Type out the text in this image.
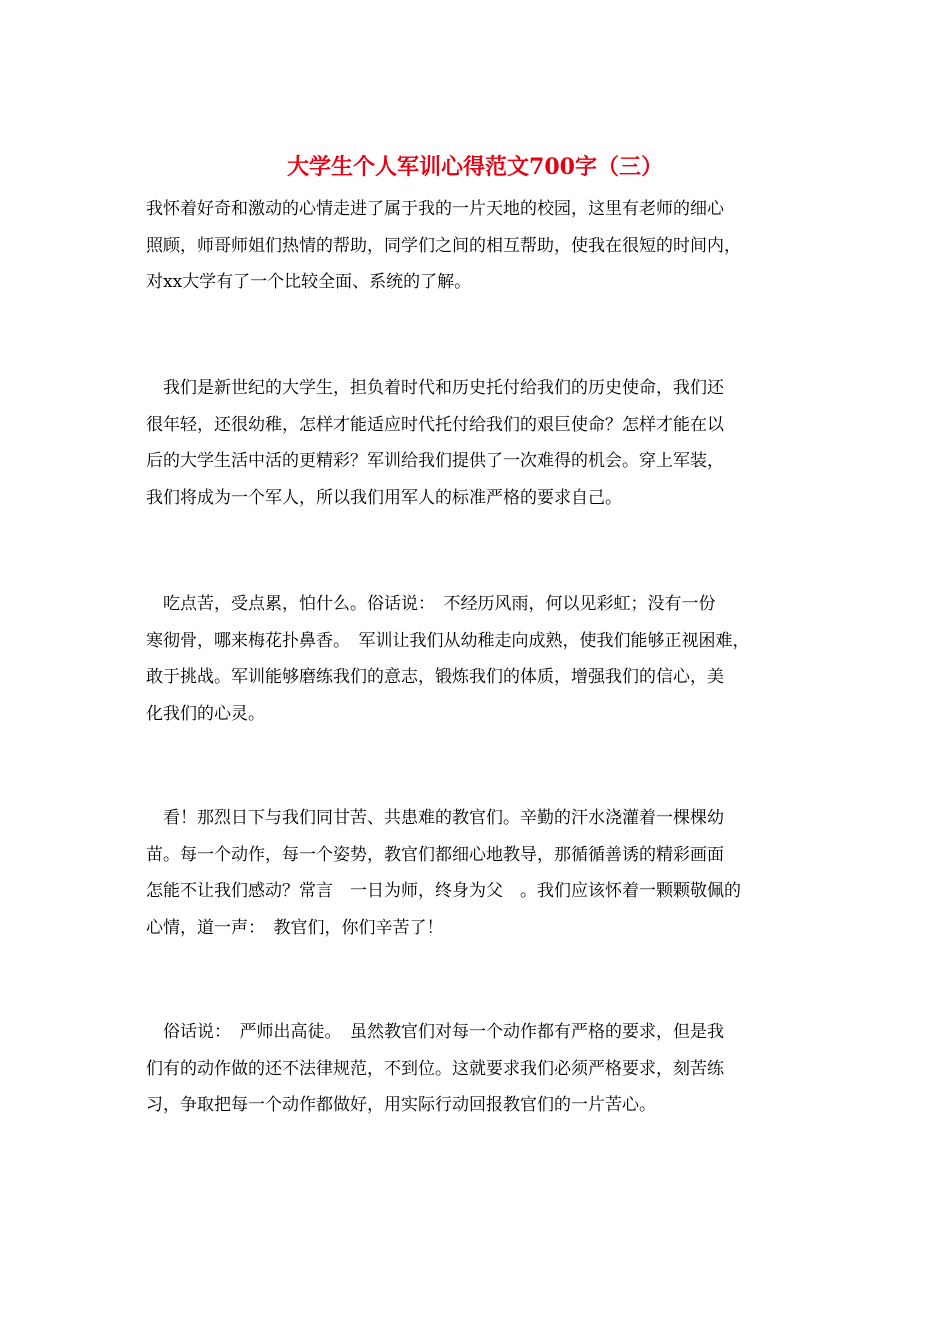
大学生个人军训心得范文700字（三）
我怀着好奇和激动的心情走进了属于我的一片天地的校园，这里有老师的细心
照顾，师哥师姐们热情的帮助，同学们之间的相互帮助，使我在很短的时间内，
对xx大学有了一个比较全面、系统的了解。
　我们是新世纪的大学生，担负着时代和历史托付给我们的历史使命，我们还
很年轻，还很幼稚，怎样才能适应时代托付给我们的艰巨使命？怎样才能在以
后的大学生活中活的更精彩？军训给我们提供了一次难得的机会。穿上军装，
我们将成为一个军人，所以我们用军人的标准严格的要求自己。
　吃点苦，受点累，怕什么。俗话说：　不经历风雨，何以见彩虹；没有一份
寒彻骨，哪来梅花扑鼻香。　军训让我们从幼稚走向成熟，使我们能够正视困难，
敢于挑战。军训能够磨练我们的意志，锻炼我们的体质，增强我们的信心，美
化我们的心灵。
　看！那烈日下与我们同甘苦、共患难的教官们。辛勤的汗水浇灌着一棵棵幼
苗。每一个动作，每一个姿势，教官们都细心地教导，那循循善诱的精彩画面
怎能不让我们感动？常言　一日为师，终身为父　。我们应该怀着一颗颗敬佩的
心情，道一声：　教官们，你们辛苦了！
　俗话说：　严师出高徒。　虽然教官们对每一个动作都有严格的要求，但是我
们有的动作做的还不法律规范，不到位。这就要求我们必须严格要求，刻苦练
习，争取把每一个动作都做好，用实际行动回报教官们的一片苦心。
